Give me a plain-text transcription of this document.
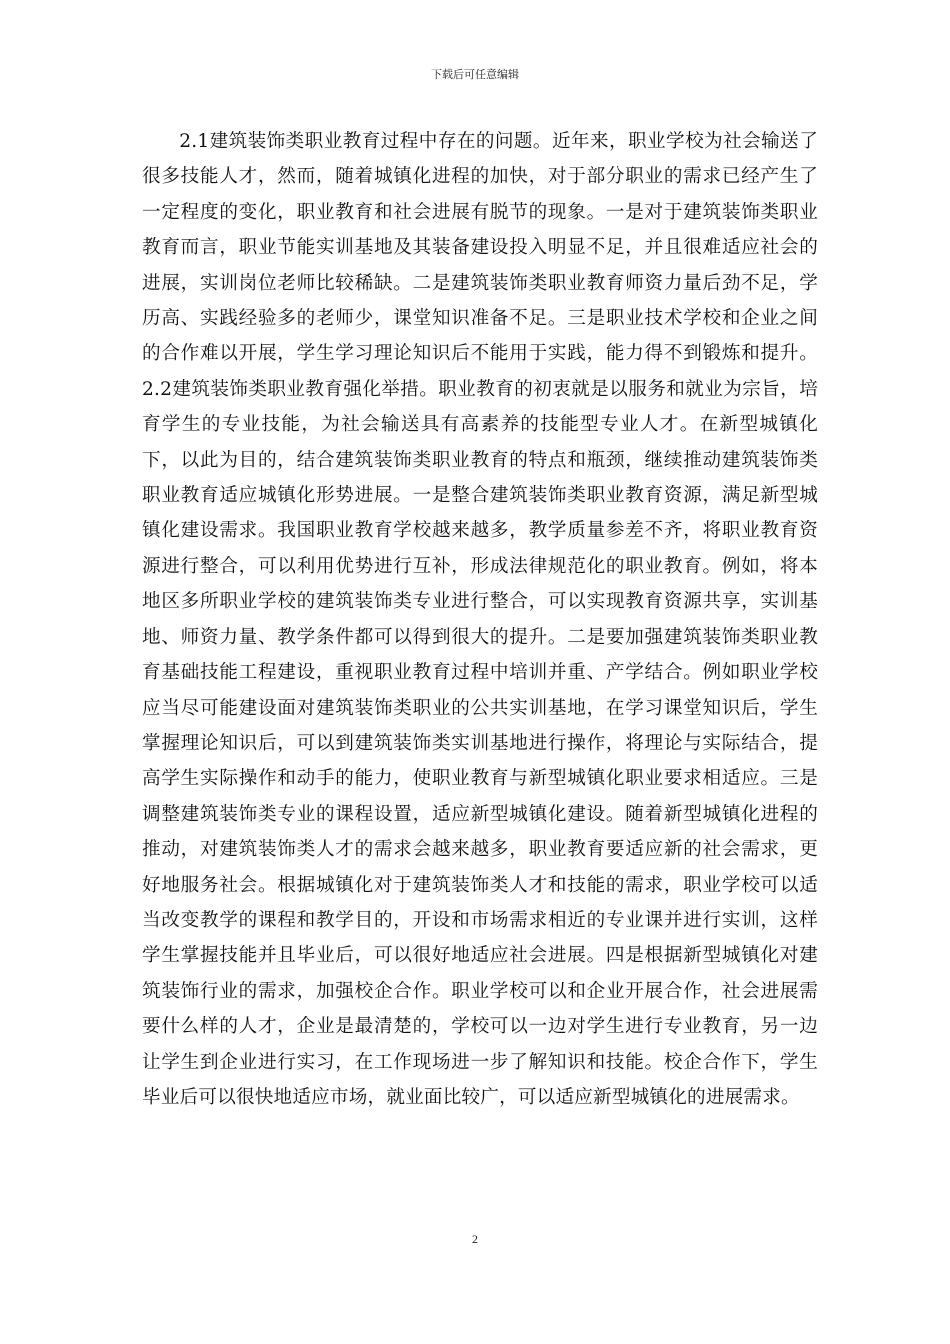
下载后可任意编辑

2.1建筑装饰类职业教育过程中存在的问题。近年来，职业学校为社会输送了很多技能人才，然而，随着城镇化进程的加快，对于部分职业的需求已经产生了一定程度的变化，职业教育和社会进展有脱节的现象。一是对于建筑装饰类职业教育而言，职业节能实训基地及其装备建设投入明显不足，并且很难适应社会的进展，实训岗位老师比较稀缺。二是建筑装饰类职业教育师资力量后劲不足，学历高、实践经验多的老师少，课堂知识准备不足。三是职业技术学校和企业之间的合作难以开展，学生学习理论知识后不能用于实践，能力得不到锻炼和提升。2.2建筑装饰类职业教育强化举措。职业教育的初衷就是以服务和就业为宗旨，培育学生的专业技能，为社会输送具有高素养的技能型专业人才。在新型城镇化下，以此为目的，结合建筑装饰类职业教育的特点和瓶颈，继续推动建筑装饰类职业教育适应城镇化形势进展。一是整合建筑装饰类职业教育资源，满足新型城镇化建设需求。我国职业教育学校越来越多，教学质量参差不齐，将职业教育资源进行整合，可以利用优势进行互补，形成法律规范化的职业教育。例如，将本地区多所职业学校的建筑装饰类专业进行整合，可以实现教育资源共享，实训基地、师资力量、教学条件都可以得到很大的提升。二是要加强建筑装饰类职业教育基础技能工程建设，重视职业教育过程中培训并重、产学结合。例如职业学校应当尽可能建设面对建筑装饰类职业的公共实训基地，在学习课堂知识后，学生掌握理论知识后，可以到建筑装饰类实训基地进行操作，将理论与实际结合，提高学生实际操作和动手的能力，使职业教育与新型城镇化职业要求相适应。三是调整建筑装饰类专业的课程设置，适应新型城镇化建设。随着新型城镇化进程的推动，对建筑装饰类人才的需求会越来越多，职业教育要适应新的社会需求，更好地服务社会。根据城镇化对于建筑装饰类人才和技能的需求，职业学校可以适当改变教学的课程和教学目的，开设和市场需求相近的专业课并进行实训，这样学生掌握技能并且毕业后，可以很好地适应社会进展。四是根据新型城镇化对建筑装饰行业的需求，加强校企合作。职业学校可以和企业开展合作，社会进展需要什么样的人才，企业是最清楚的，学校可以一边对学生进行专业教育，另一边让学生到企业进行实习，在工作现场进一步了解知识和技能。校企合作下，学生毕业后可以很快地适应市场，就业面比较广，可以适应新型城镇化的进展需求。

2
